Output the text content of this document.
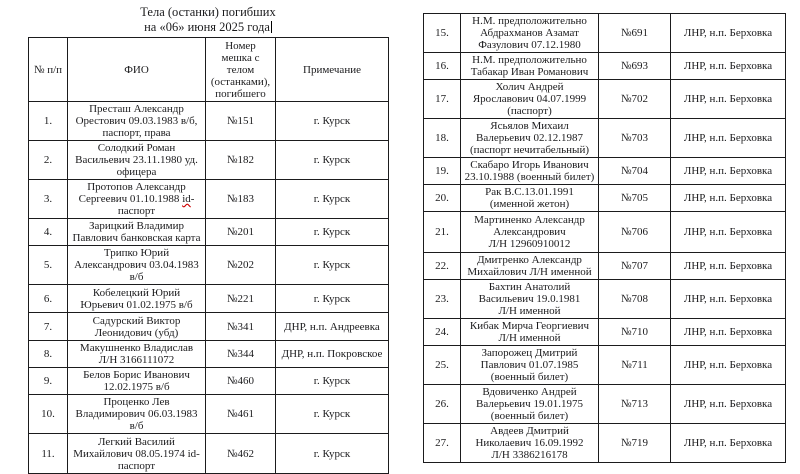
Тела (останки) погибших
на «06» июня 2025 года
№ п/п	ФИО	Номер
мешка с
телом
(останками),
погибшего	Примечание
1.	Престаш Александр
Орестович 09.03.1983 в/б,
паспорт, права	№151	г. Курск
2.	Солодкий Роман
Васильевич 23.11.1980 уд.
офицера	№182	г. Курск
3.	Протопов Александр
Сергеевич 01.10.1988 id-
паспорт	№183	г. Курск
4.	Зарицкий Владимир
Павлович банковская карта	№201	г. Курск
5.	Трипко Юрий
Александрович 03.04.1983
в/б	№202	г. Курск
6.	Кобелецкий Юрий
Юрьевич 01.02.1975 в/б	№221	г. Курск
7.	Садурский Виктор
Леонидович (убд)	№341	ДНР, н.п. Андреевка
8.	Макушненко Владислав
Л/Н 3166111072	№344	ДНР, н.п. Покровское
9.	Белов Борис Иванович
12.02.1975 в/б	№460	г. Курск
10.	Проценко Лев
Владимирович 06.03.1983
в/б	№461	г. Курск
11.	Легкий Василий
Михайлович 08.05.1974 id-
паспорт	№462	г. Курск
15.	Н.М. предположительно
Абдрахманов Азамат
Фазулович 07.12.1980	№691	ЛНР, н.п. Берховка
16.	Н.М. предположительно
Табакар Иван Романович	№693	ЛНР, н.п. Берховка
17.	Холич Андрей
Ярославович 04.07.1999
(паспорт)	№702	ЛНР, н.п. Берховка
18.	Ясьялов Михаил
Валерьевич 02.12.1987
(паспорт нечитабельный)	№703	ЛНР, н.п. Берховка
19.	Скабаро Игорь Иванович
23.10.1988 (военный билет)	№704	ЛНР, н.п. Берховка
20.	Рак В.С.13.01.1991
(именной жетон)	№705	ЛНР, н.п. Берховка
21.	Мартиненко Александр
Александрович
Л/Н 12960910012	№706	ЛНР, н.п. Берховка
22.	Дмитренко Александр
Михайлович Л/Н именной	№707	ЛНР, н.п. Берховка
23.	Бахтин Анатолий
Васильевич 19.0.1981
Л/Н именной	№708	ЛНР, н.п. Берховка
24.	Кибак Мирча Георгиевич
Л/Н именной	№710	ЛНР, н.п. Берховка
25.	Запорожец Дмитрий
Павлович 01.07.1985
(военный билет)	№711	ЛНР, н.п. Берховка
26.	Вдовиченко Андрей
Валерьевич 19.01.1975
(военный билет)	№713	ЛНР, н.п. Берховка
27.	Авдеев Дмитрий
Николаевич 16.09.1992
Л/Н 3386216178	№719	ЛНР, н.п. Берховка
